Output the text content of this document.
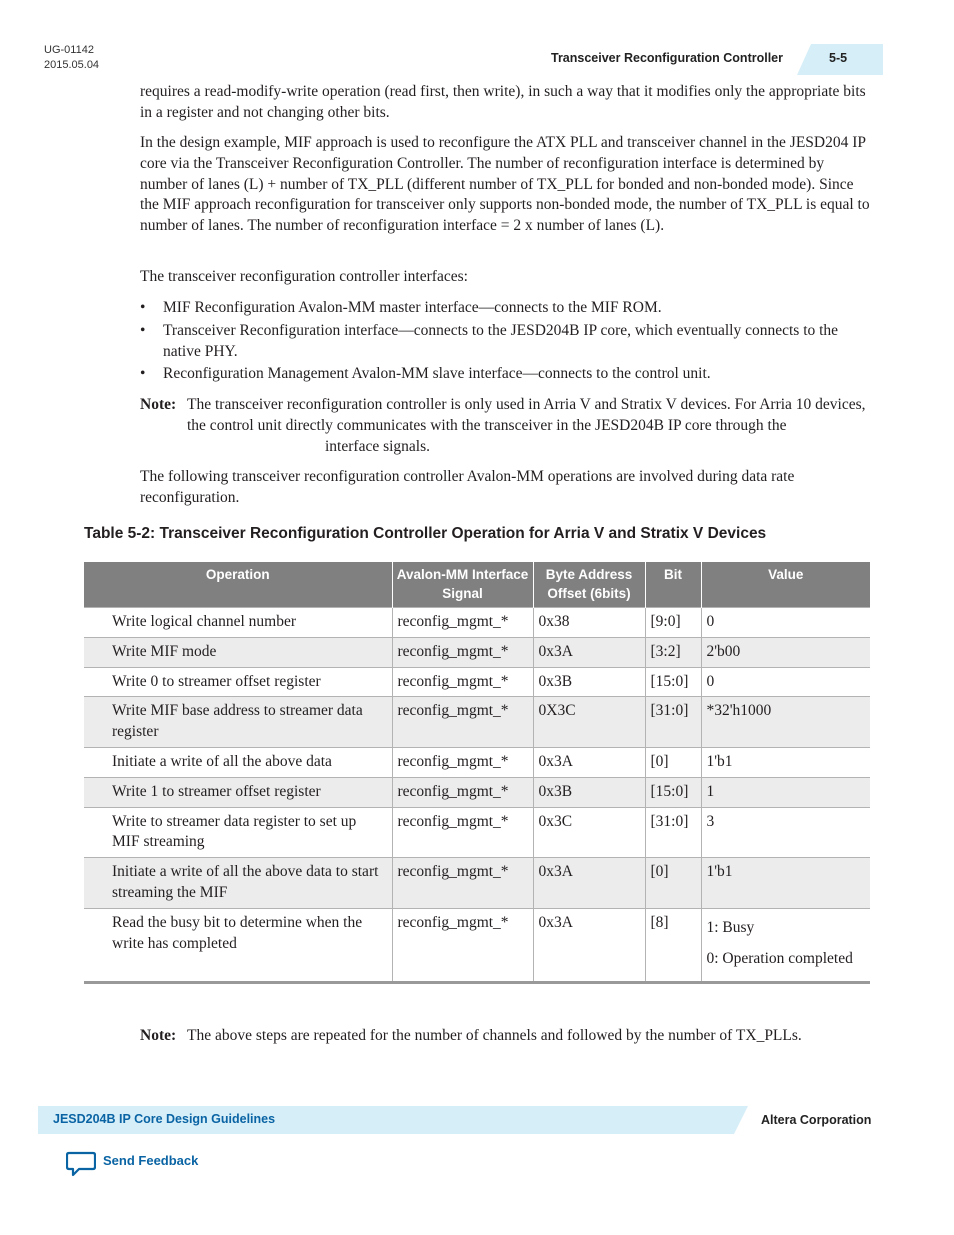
UG-01142
2015.05.04	Transceiver Reconfiguration Controller	5-5

requires a read-modify-write operation (read first, then write), in such a way that it modifies only the appropriate bits in a register and not changing other bits.

In the design example, MIF approach is used to reconfigure the ATX PLL and transceiver channel in the JESD204 IP core via the Transceiver Reconfiguration Controller. The number of reconfiguration interface is determined by number of lanes (L) + number of TX_PLL (different number of TX_PLL for bonded and non-bonded mode). Since the MIF approach reconfiguration for transceiver only supports non-bonded mode, the number of TX_PLL is equal to number of lanes. The number of reconfiguration interface = 2 x number of lanes (L).

The transceiver reconfiguration controller interfaces:

• MIF Reconfiguration Avalon-MM master interface—connects to the MIF ROM.
• Transceiver Reconfiguration interface—connects to the JESD204B IP core, which eventually connects to the native PHY.
• Reconfiguration Management Avalon-MM slave interface—connects to the control unit.
Note: The transceiver reconfiguration controller is only used in Arria V and Stratix V devices. For Arria 10 devices, the control unit directly communicates with the transceiver in the JESD204B IP core through theinterface signals.

The following transceiver reconfiguration controller Avalon-MM operations are involved during data rate reconfiguration.

Table 5-2: Transceiver Reconfiguration Controller Operation for Arria V and Stratix V Devices
Operation	Avalon-MM Interface Signal	Byte Address Offset (6bits)	Bit	Value
Write logical channel number	reconfig_mgmt_*	0x38	[9:0]	0
Write MIF mode	reconfig_mgmt_*	0x3A	[3:2]	2'b00
Write 0 to streamer offset register	reconfig_mgmt_*	0x3B	[15:0]	0
Write MIF base address to streamer data register	reconfig_mgmt_*	0X3C	[31:0]	*32'h1000
Initiate a write of all the above data	reconfig_mgmt_*	0x3A	[0]	1'b1
Write 1 to streamer offset register	reconfig_mgmt_*	0x3B	[15:0]	1
Write to streamer data register to set up MIF streaming	reconfig_mgmt_*	0x3C	[31:0]	3
Initiate a write of all the above data to start streaming the MIF	reconfig_mgmt_*	0x3A	[0]	1'b1
Read the busy bit to determine when the write has completed	reconfig_mgmt_*	0x3A	[8]	1: Busy
0: Operation completed
Note: The above steps are repeated for the number of channels and followed by the number of TX_PLLs.
JESD204B IP Core Design Guidelines	Altera Corporation
Send Feedback
